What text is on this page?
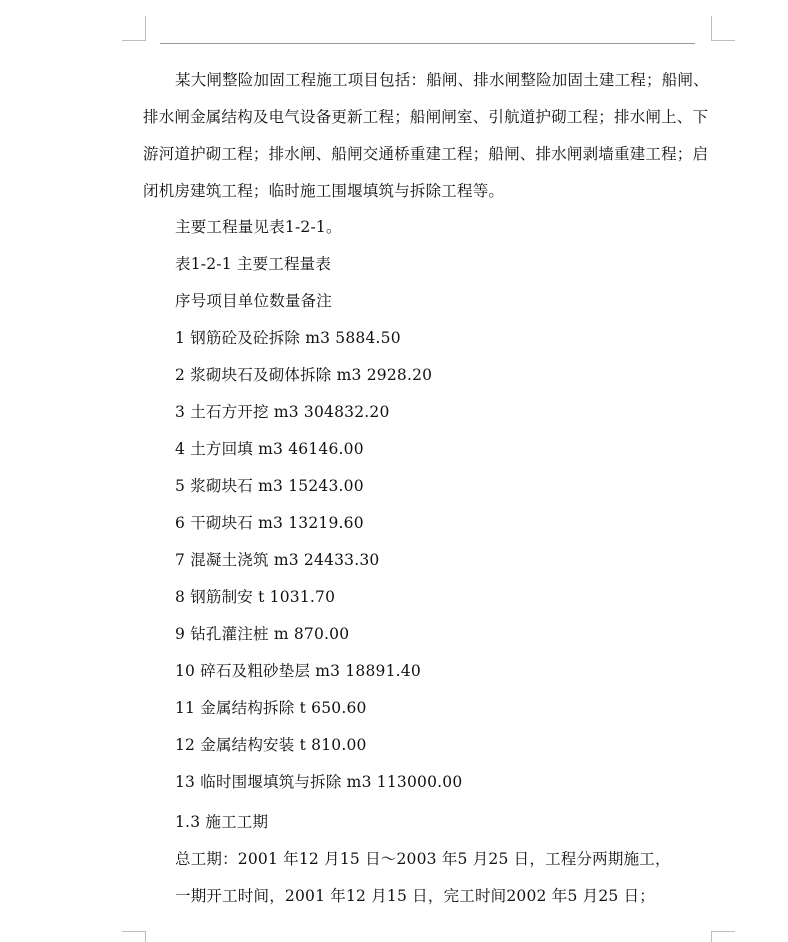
某大闸整险加固工程施工项目包括：船闸、排水闸整险加固土建工程；船闸、排水闸金属结构及电气设备更新工程；船闸闸室、引航道护砌工程；排水闸上、下游河道护砌工程；排水闸、船闸交通桥重建工程；船闸、排水闸剥墙重建工程；启闭机房建筑工程；临时施工围堰填筑与拆除工程等。

主要工程量见表1-2-1。

表1-2-1 主要工程量表

序号项目单位数量备注

1 钢筋砼及砼拆除 m3 5884.50

2 浆砌块石及砌体拆除 m3 2928.20

3 土石方开挖 m3 304832.20

4 土方回填 m3 46146.00

5 浆砌块石 m3 15243.00

6 干砌块石 m3 13219.60

7 混凝土浇筑 m3 24433.30

8 钢筋制安 t 1031.70

9 钻孔灌注桩 m 870.00

10 碎石及粗砂垫层 m3 18891.40

11 金属结构拆除 t 650.60

12 金属结构安装 t 810.00

13 临时围堰填筑与拆除 m3 113000.00

1.3 施工工期

总工期：2001 年12 月15 日～2003 年5 月25 日，工程分两期施工，

一期开工时间，2001 年12 月15 日，完工时间2002 年5 月25 日；
